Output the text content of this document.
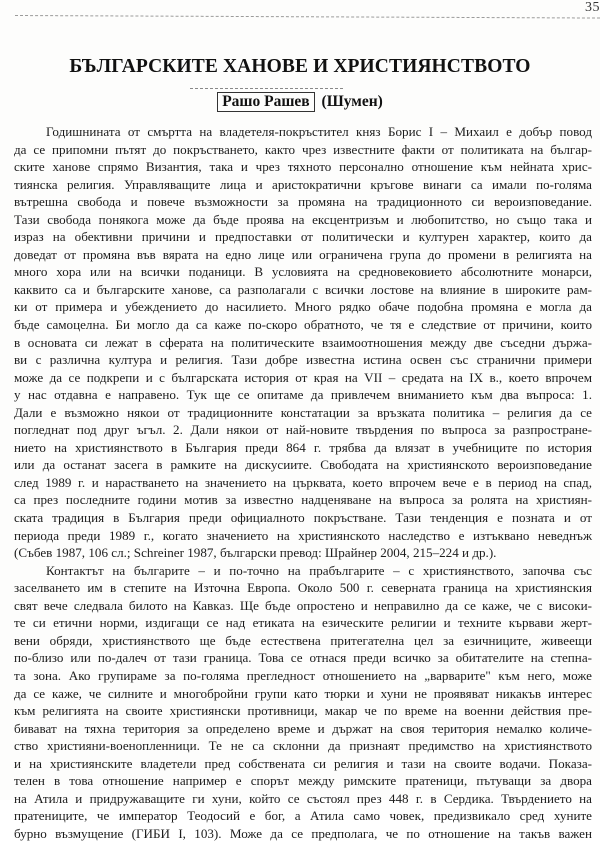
35
БЪЛГАРСКИТЕ ХАНОВЕ И ХРИСТИЯНСТВОТО
Рашо Рашев (Шумен)
Годишнината от смъртта на владетеля-покръстител княз Борис I – Михаил е добър повод
да се припомни пътят до покръстването, както чрез известните факти от политиката на българ-
ските ханове спрямо Византия, така и чрез тяхното персонално отношение към нейната хрис-
тиянска религия. Управляващите лица и аристократични кръгове винаги са имали по-голяма
вътрешна свобода и повече възможности за промяна на традиционното си вероизповедание.
Тази свобода понякога може да бъде проява на ексцентризъм и любопитство, но също така и
израз на обективни причини и предпоставки от политически и културен характер, които да
доведат от промяна във вярата на едно лице или ограничена група до промени в религията на
много хора или на всички поданици. В условията на средновековието абсолютните монарси,
каквито са и българските ханове, са разполагали с всички лостове на влияние в широките рам-
ки от примера и убеждението до насилието. Много рядко обаче подобна промяна е могла да
бъде самоцелна. Би могло да са каже по-скоро обратното, че тя е следствие от причини, които
в основата си лежат в сферата на политическите взаимоотношения между две съседни държа-
ви с различна култура и религия. Тази добре известна истина освен със странични примери
може да се подкрепи и с българската история от края на VII – средата на IX в., което впрочем
у нас отдавна е направено. Тук ще се опитаме да привлечем вниманието към два въпроса: 1.
Дали е възможно някои от традиционните констатации за връзката политика – религия да се
погледнат под друг ъгъл. 2. Дали някои от най-новите твърдения по въпроса за разпростране-
нието на християнството в България преди 864 г. трябва да влязат в учебниците по история
или да останат засега в рамките на дискусиите. Свободата на християнското вероизповедание
след 1989 г. и нарастването на значението на църквата, което впрочем вече е в период на спад,
са през последните години мотив за известно надценяване на въпроса за ролята на християн-
ската традиция в България преди официалното покръстване. Тази тенденция е позната и от
периода преди 1989 г., когато значението на християнското наследство е изтъквано неведнъж
(Събев 1987, 106 сл.; Schreiner 1987, български превод: Шрайнер 2004, 215–224 и др.).
Контактът на българите – и по-точно на прабългарите – с християнството, започва със
заселването им в степите на Източна Европа. Около 500 г. северната граница на християнския
свят вече следвала билото на Кавказ. Ще бъде опростено и неправилно да се каже, че с високи-
те си етични норми, издигащи се над етиката на езическите религии и техните кървави жерт-
вени обряди, християнството ще бъде естествена притегателна цел за езичниците, живеещи
по-близо или по-далеч от тази граница. Това се отнася преди всичко за обитателите на степна-
та зона. Ако групираме за по-голяма прегледност отношението на „варварите" към него, може
да се каже, че силните и многобройни групи като тюрки и хуни не проявяват никакъв интерес
към религията на своите християнски противници, макар че по време на военни действия пре-
бивават на тяхна територия за определено време и държат на своя територия немалко количе-
ство християни-военопленници. Те не са склонни да признаят предимство на християнството
и на християнските владетели пред собствената си религия и тази на своите водачи. Показа-
телен в това отношение например е спорът между римските пратеници, пътуващи за двора
на Атила и придружаващите ги хуни, който се състоял през 448 г. в Сердика. Твърдението на
пратениците, че император Теодосий е бог, а Атила само човек, предизвикало сред хуните
бурно възмущение (ГИБИ I, 103). Може да се предполага, че по отношение на такъв важен
